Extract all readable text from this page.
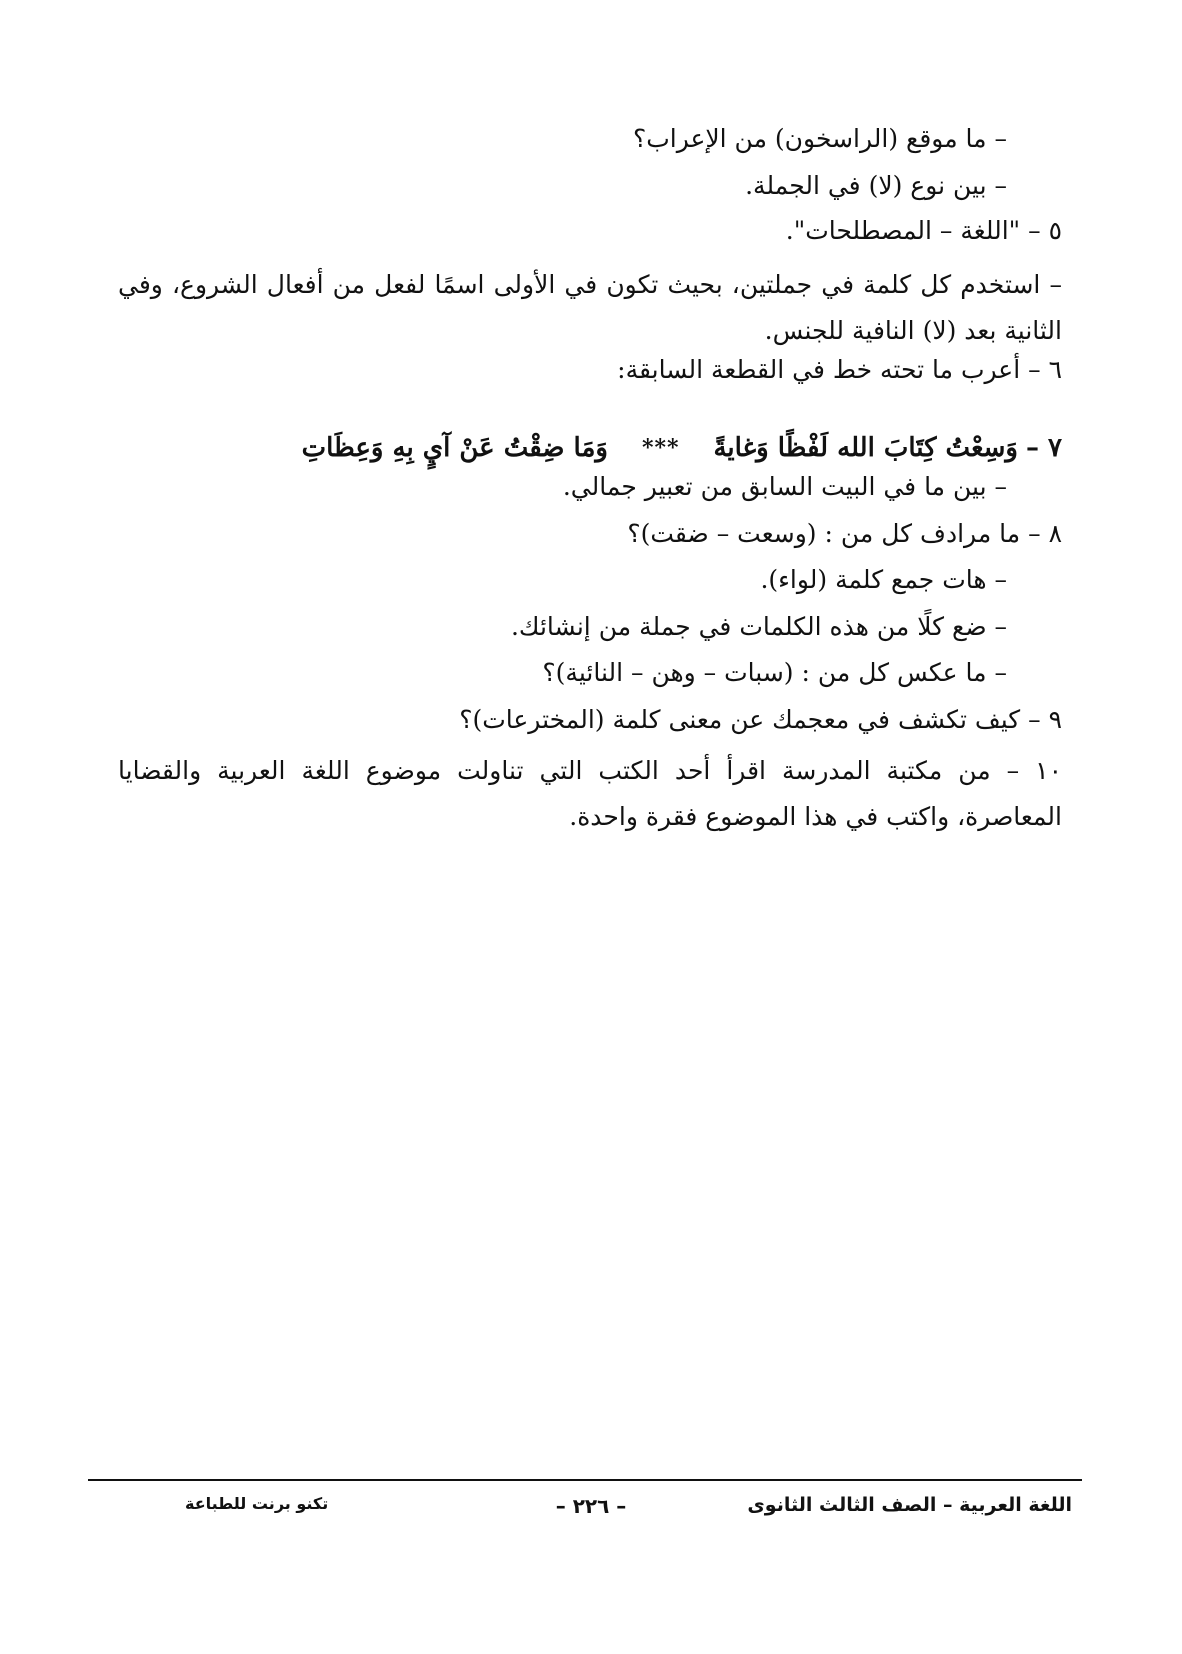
– ما موقع (الراسخون) من الإعراب؟
– بين نوع (لا) في الجملة.
٥ – "اللغة – المصطلحات".
– استخدم كل كلمة في جملتين، بحيث تكون في الأولى اسمًا لفعل من أفعال الشروع، وفي الثانية بعد (لا) النافية للجنس.
٦ – أعرب ما تحته خط في القطعة السابقة:
٧ –
وَسِعْتُ كِتَابَ الله لَفْظًا وَغايةً
***
وَمَا ضِقْتُ عَنْ آيٍ بِهِ وَعِظَاتِ
– بين ما في البيت السابق من تعبير جمالي.
٨ – ما مرادف كل من : (وسعت – ضقت)؟
– هات جمع كلمة (لواء).
– ضع كلًا من هذه الكلمات في جملة من إنشائك.
– ما عكس كل من : (سبات – وهن – النائية)؟
٩ – كيف تكشف في معجمك عن معنى كلمة (المخترعات)؟
١٠ – من مكتبة المدرسة اقرأ أحد الكتب التي تناولت موضوع اللغة العربية والقضايا المعاصرة، واكتب في هذا الموضوع فقرة واحدة.
اللغة العربية – الصف الثالث الثانوى
– ٢٢٦ –
تكنو برنت للطباعة
